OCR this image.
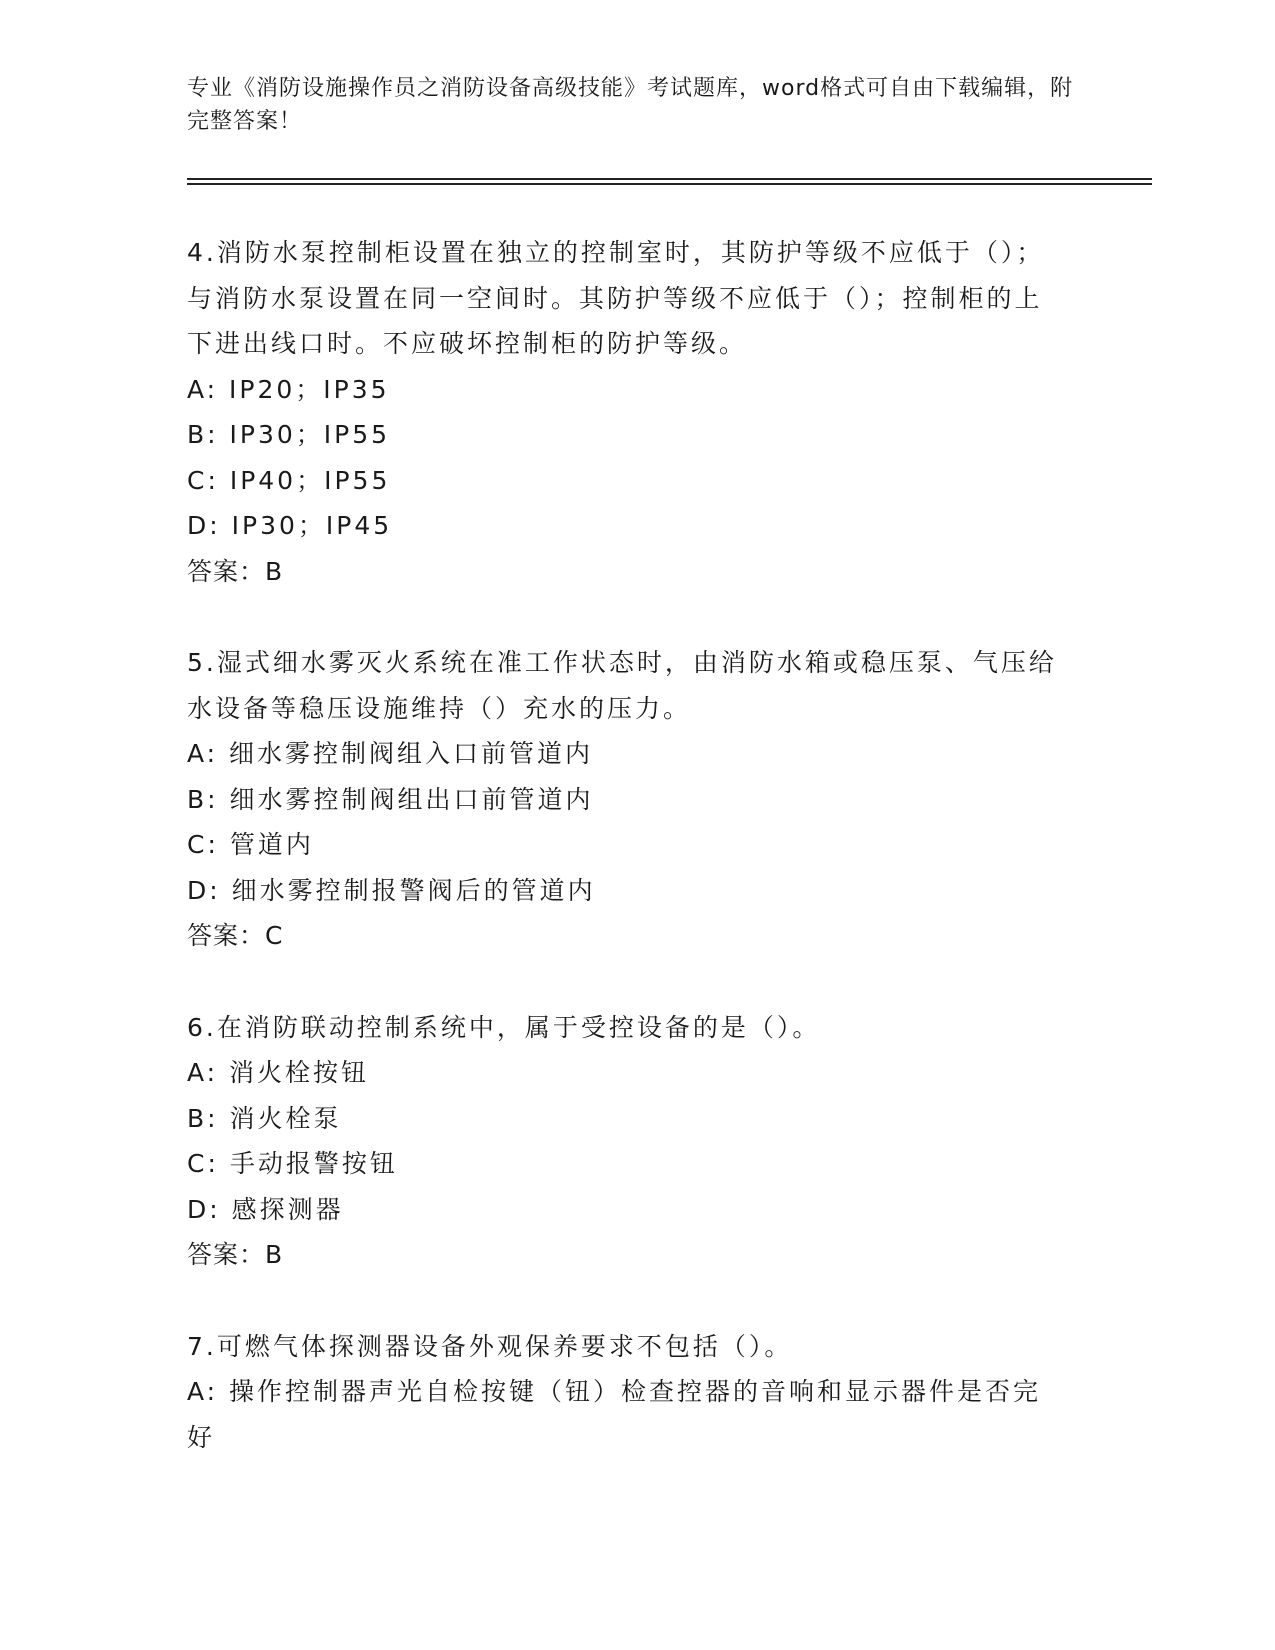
专业《消防设施操作员之消防设备高级技能》考试题库，word格式可自由下载编辑，附完整答案！
4.消防水泵控制柜设置在独立的控制室时，其防护等级不应低于（）；与消防水泵设置在同一空间时。其防护等级不应低于（）；控制柜的上下进出线口时。不应破坏控制柜的防护等级。
A: IP20；IP35
B: IP30；IP55
C: IP40；IP55
D: IP30；IP45
答案：B
5.湿式细水雾灭火系统在准工作状态时，由消防水箱或稳压泵、气压给水设备等稳压设施维持（）充水的压力。
A: 细水雾控制阀组入口前管道内
B: 细水雾控制阀组出口前管道内
C: 管道内
D: 细水雾控制报警阀后的管道内
答案：C
6.在消防联动控制系统中，属于受控设备的是（）。
A: 消火栓按钮
B: 消火栓泵
C: 手动报警按钮
D: 感探测器
答案：B
7.可燃气体探测器设备外观保养要求不包括（）。
A: 操作控制器声光自检按键（钮）检查控器的音响和显示器件是否完好
